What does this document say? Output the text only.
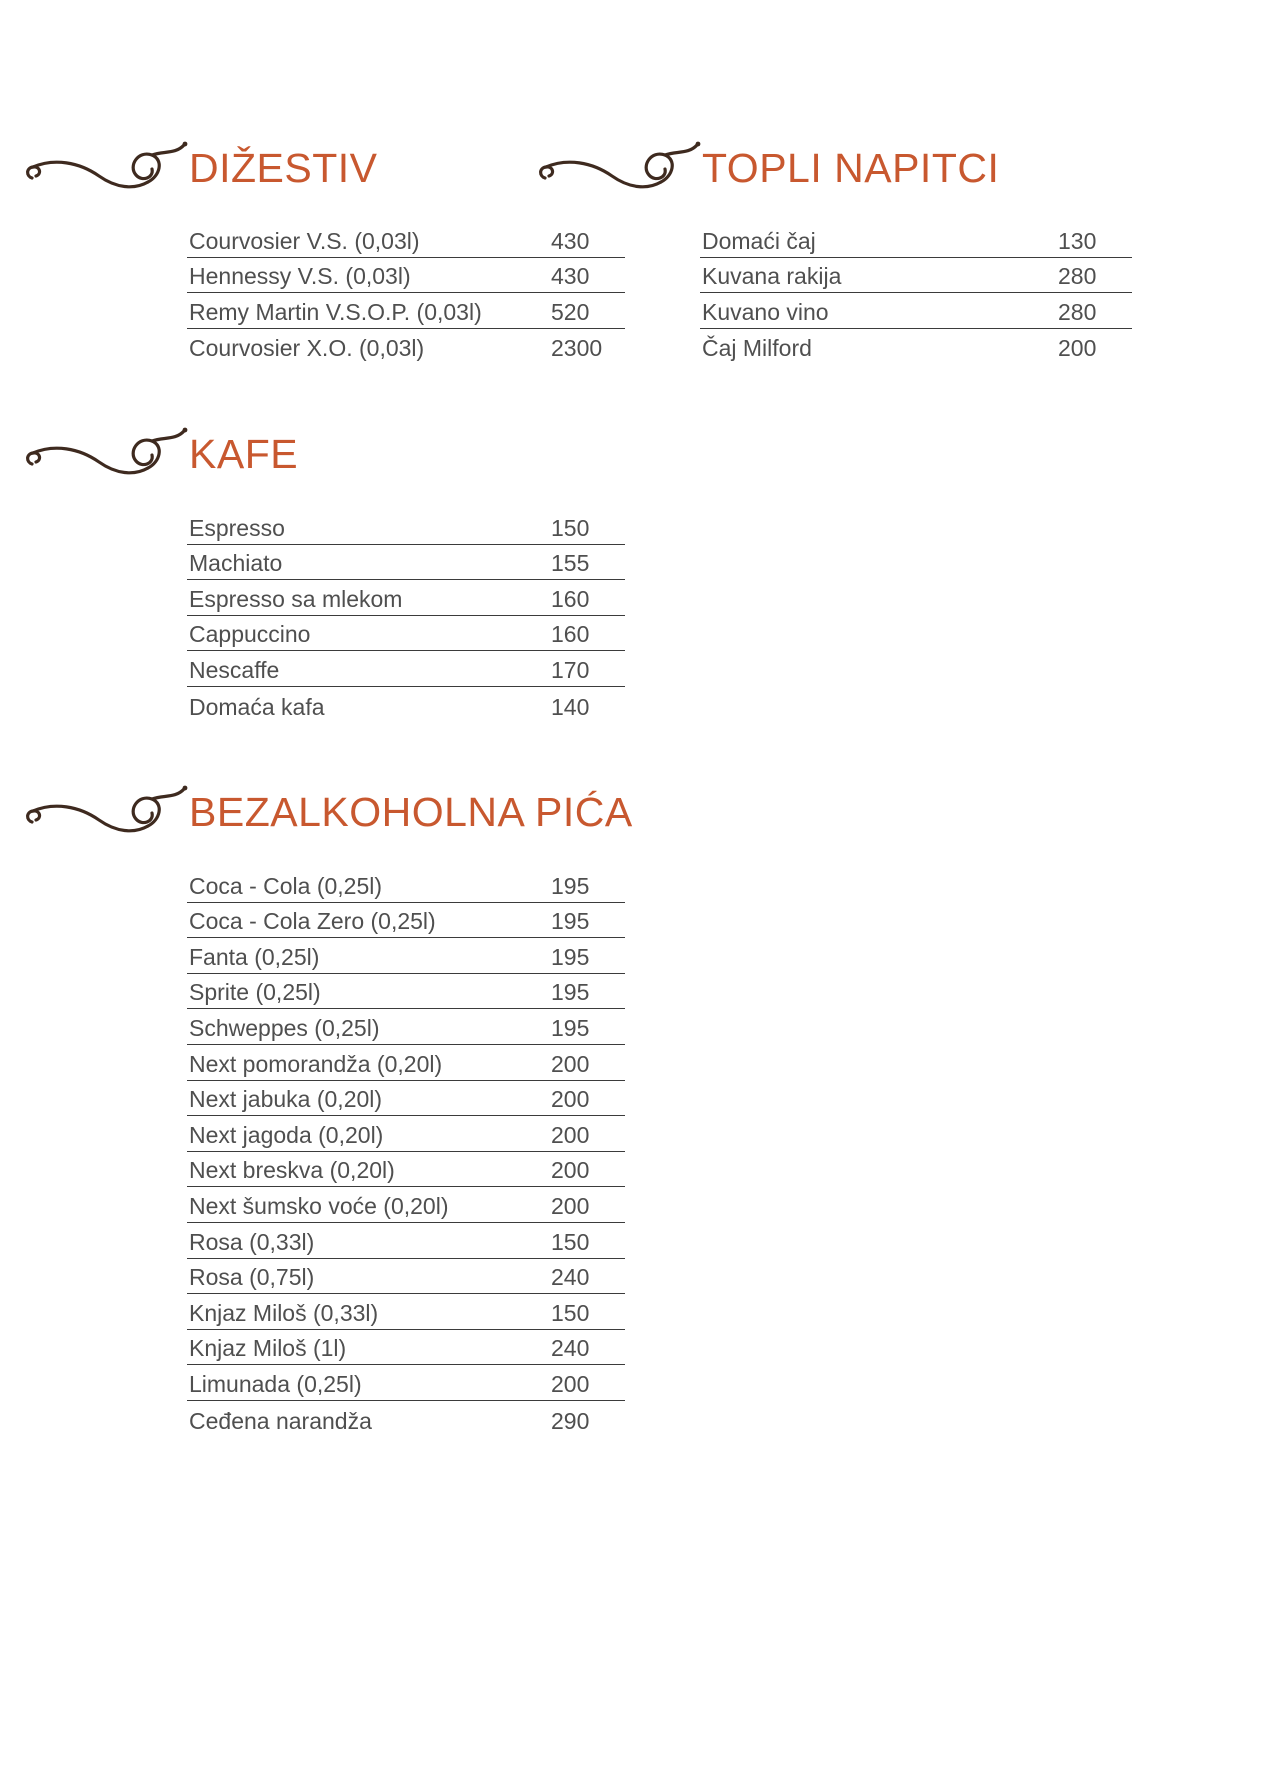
DIŽESTIV
Courvosier V.S. (0,03l)	430
Hennessy V.S. (0,03l)	430
Remy Martin V.S.O.P. (0,03l)	520
Courvosier X.O. (0,03l)	2300
TOPLI NAPITCI
Domaći čaj	130
Kuvana rakija	280
Kuvano vino	280
Čaj Milford	200
KAFE
Espresso	150
Machiato	155
Espresso sa mlekom	160
Cappuccino	160
Nescaffe	170
Domaća kafa	140
BEZALKOHOLNA PIĆA
Coca - Cola (0,25l)	195
Coca - Cola Zero (0,25l)	195
Fanta (0,25l)	195
Sprite (0,25l)	195
Schweppes (0,25l)	195
Next pomorandža (0,20l)	200
Next jabuka (0,20l)	200
Next jagoda (0,20l)	200
Next breskva (0,20l)	200
Next šumsko voće (0,20l)	200
Rosa (0,33l)	150
Rosa (0,75l)	240
Knjaz Miloš (0,33l)	150
Knjaz Miloš (1l)	240
Limunada (0,25l)	200
Ceđena narandža	290
